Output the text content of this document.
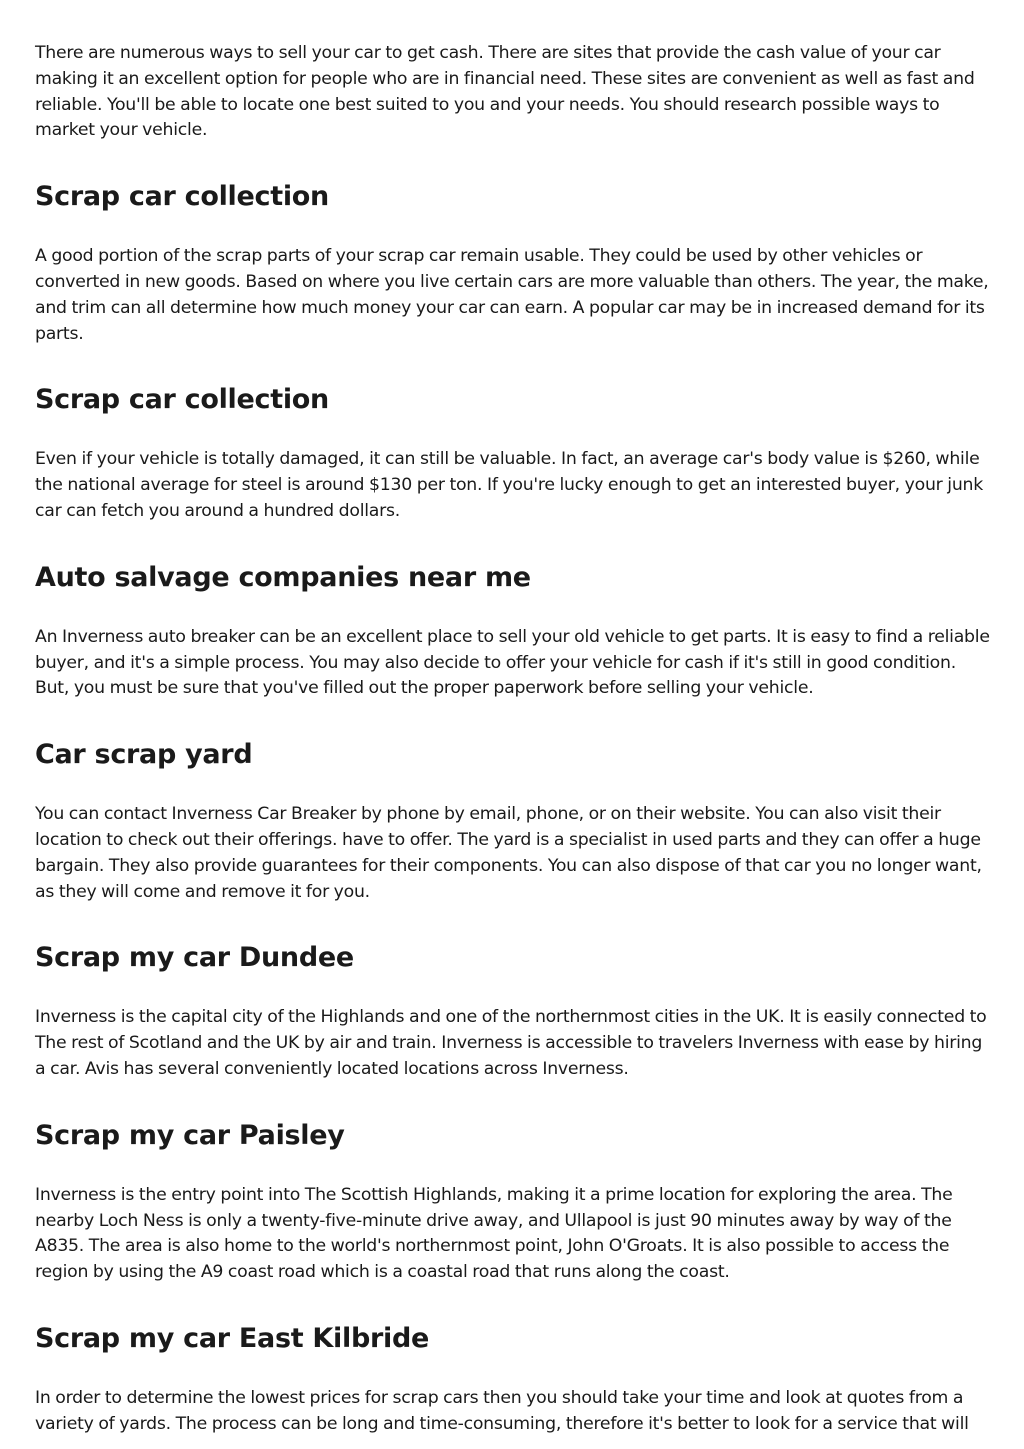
There are numerous ways to sell your car to get cash. There are sites that provide the cash value of your car making it an excellent option for people who are in financial need. These sites are convenient as well as fast and reliable. You'll be able to locate one best suited to you and your needs. You should research possible ways to market your vehicle.

Scrap car collection

A good portion of the scrap parts of your scrap car remain usable. They could be used by other vehicles or converted in new goods. Based on where you live certain cars are more valuable than others. The year, the make, and trim can all determine how much money your car can earn. A popular car may be in increased demand for its parts.

Scrap car collection

Even if your vehicle is totally damaged, it can still be valuable. In fact, an average car's body value is $260, while the national average for steel is around $130 per ton. If you're lucky enough to get an interested buyer, your junk car can fetch you around a hundred dollars.

Auto salvage companies near me

An Inverness auto breaker can be an excellent place to sell your old vehicle to get parts. It is easy to find a reliable buyer, and it's a simple process. You may also decide to offer your vehicle for cash if it's still in good condition. But, you must be sure that you've filled out the proper paperwork before selling your vehicle.

Car scrap yard

You can contact Inverness Car Breaker by phone by email, phone, or on their website. You can also visit their location to check out their offerings. have to offer. The yard is a specialist in used parts and they can offer a huge bargain. They also provide guarantees for their components. You can also dispose of that car you no longer want, as they will come and remove it for you.

Scrap my car Dundee

Inverness is the capital city of the Highlands and one of the northernmost cities in the UK. It is easily connected to The rest of Scotland and the UK by air and train. Inverness is accessible to travelers Inverness with ease by hiring a car. Avis has several conveniently located locations across Inverness.

Scrap my car Paisley

Inverness is the entry point into The Scottish Highlands, making it a prime location for exploring the area. The nearby Loch Ness is only a twenty-five-minute drive away, and Ullapool is just 90 minutes away by way of the A835. The area is also home to the world's northernmost point, John O'Groats. It is also possible to access the region by using the A9 coast road which is a coastal road that runs along the coast.

Scrap my car East Kilbride

In order to determine the lowest prices for scrap cars then you should take your time and look at quotes from a variety of yards. The process can be long and time-consuming, therefore it's better to look for a service that will
